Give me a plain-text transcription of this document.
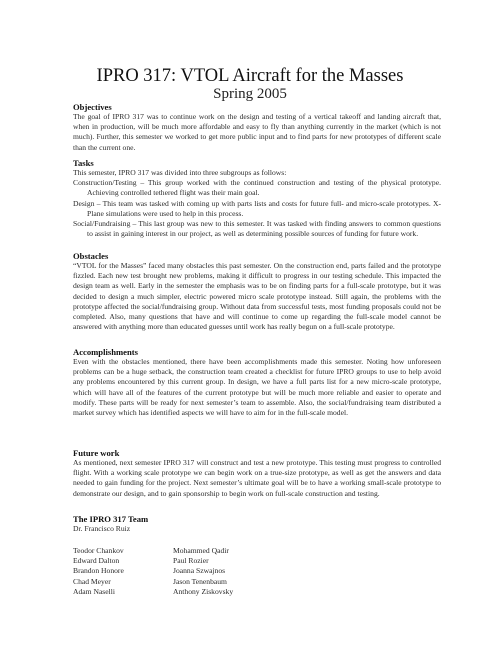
IPRO 317: VTOL Aircraft for the Masses
Spring 2005

Objectives

The goal of IPRO 317 was to continue work on the design and testing of a vertical takeoff and landing aircraft that, when in production, will be much more affordable and easy to fly than anything currently in the market (which is not much). Further, this semester we worked to get more public input and to find parts for new prototypes of different scale than the current one.

Tasks

This semester, IPRO 317 was divided into three subgroups as follows:

Construction/Testing – This group worked with the continued construction and testing of the physical prototype. Achieving controlled tethered flight was their main goal.
Design – This team was tasked with coming up with parts lists and costs for future full- and micro-scale prototypes. X-Plane simulations were used to help in this process.
Social/Fundraising – This last group was new to this semester. It was tasked with finding answers to common questions to assist in gaining interest in our project, as well as determining possible sources of funding for future work.

Obstacles

“VTOL for the Masses” faced many obstacles this past semester. On the construction end, parts failed and the prototype fizzled. Each new test brought new problems, making it difficult to progress in our testing schedule. This impacted the design team as well. Early in the semester the emphasis was to be on finding parts for a full-scale prototype, but it was decided to design a much simpler, electric powered micro scale prototype instead. Still again, the problems with the prototype affected the social/fundraising group. Without data from successful tests, most funding proposals could not be completed. Also, many questions that have and will continue to come up regarding the full-scale model cannot be answered with anything more than educated guesses until work has really begun on a full-scale prototype.

Accomplishments

Even with the obstacles mentioned, there have been accomplishments made this semester. Noting how unforeseen problems can be a huge setback, the construction team created a checklist for future IPRO groups to use to help avoid any problems encountered by this current group. In design, we have a full parts list for a new micro-scale prototype, which will have all of the features of the current prototype but will be much more reliable and easier to operate and modify. These parts will be ready for next semester’s team to assemble. Also, the social/fundraising team distributed a market survey which has identified aspects we will have to aim for in the full-scale model.

Future work

As mentioned, next semester IPRO 317 will construct and test a new prototype. This testing must progress to controlled flight. With a working scale prototype we can begin work on a true-size prototype, as well as get the answers and data needed to gain funding for the project. Next semester’s ultimate goal will be to have a working small-scale prototype to demonstrate our design, and to gain sponsorship to begin work on full-scale construction and testing.

The IPRO 317 Team

Dr. Francisco Ruiz

Teodor Chankov
Edward Dalton
Brandon Honore
Chad Meyer
Adam Naselli
Mohammed Qadir
Paul Rozier
Joanna Szwajnos
Jason Tenenbaum
Anthony Ziskovsky
